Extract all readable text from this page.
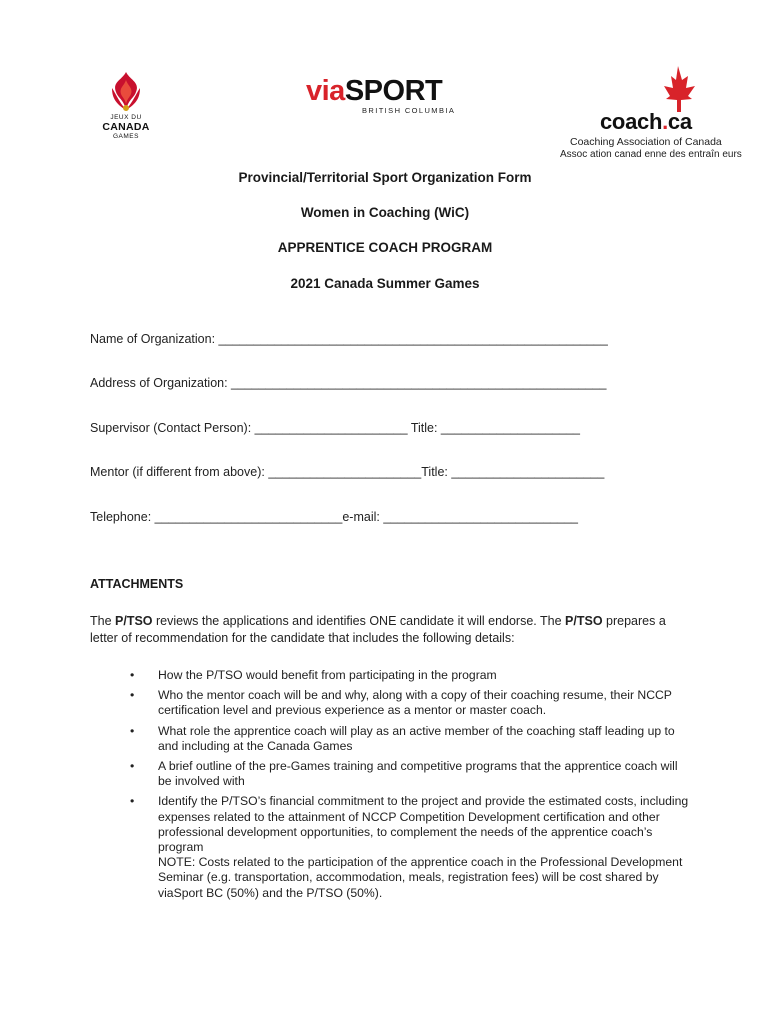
JEUX DU
CANADA
GAMES
viaSPORT
BRITISH COLUMBIA	coach.ca
Coaching Association of Canada
Assoc ation canad enne des entraîn eurs
Provincial/Territorial Sport Organization Form
Women in Coaching (WiC)
APPRENTICE COACH PROGRAM
2021 Canada Summer Games
Name of Organization: ________________________________________________________
Address of Organization: ______________________________________________________
Supervisor (Contact Person): ______________________ Title: ____________________
Mentor (if different from above): ______________________Title: ______________________
Telephone: ___________________________e-mail: ____________________________
ATTACHMENTS
The P/TSO reviews the applications and identifies ONE candidate it will endorse. The P/TSO prepares a letter of recommendation for the candidate that includes the following details:
• How the P/TSO would benefit from participating in the program
• Who the mentor coach will be and why, along with a copy of their coaching resume, their NCCP certification level and previous experience as a mentor or master coach.
• What role the apprentice coach will play as an active member of the coaching staff leading up to and including at the Canada Games
• A brief outline of the pre-Games training and competitive programs that the apprentice coach will be involved with
• Identify the P/TSO’s financial commitment to the project and provide the estimated costs, including expenses related to the attainment of NCCP Competition Development certification and other professional development opportunities, to complement the needs of the apprentice coach’s program
NOTE: Costs related to the participation of the apprentice coach in the Professional Development Seminar (e.g. transportation, accommodation, meals, registration fees) will be cost shared by viaSport BC (50%) and the P/TSO (50%).
